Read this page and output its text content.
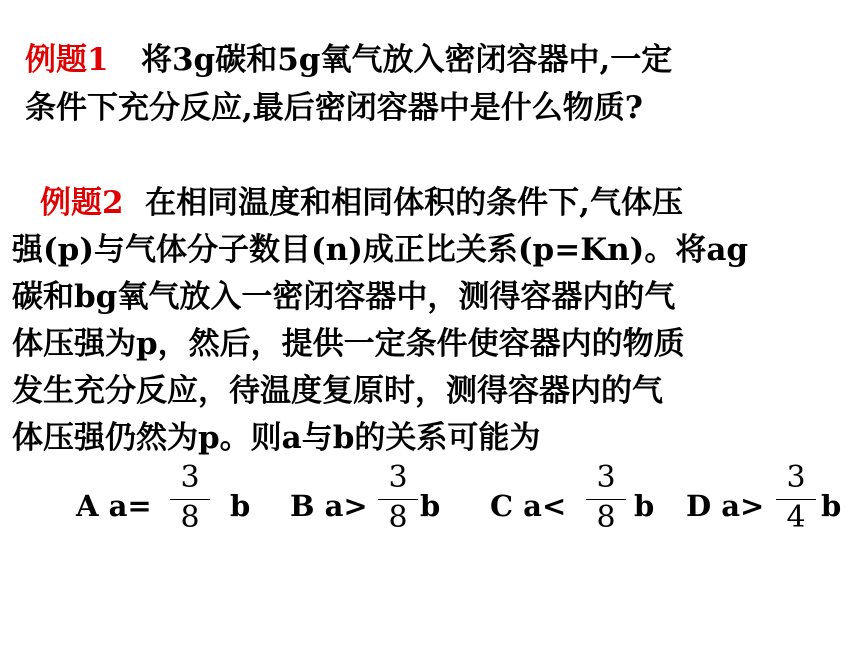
例题1 将3g碳和5g氧气放入密闭容器中,一定
条件下充分反应,最后密闭容器中是什么物质?
例题2 在相同温度和相同体积的条件下,气体压
强(p)与气体分子数目(n)成正比关系(p=Kn)。将ag
碳和bg氧气放入一密闭容器中，测得容器内的气
体压强为p，然后，提供一定条件使容器内的物质
发生充分反应，待温度复原时，测得容器内的气
体压强仍然为p。则a与b的关系可能为
A a=
3
8	b B a>
3
8 b C a<
3
8 b D a>
3
4 b
